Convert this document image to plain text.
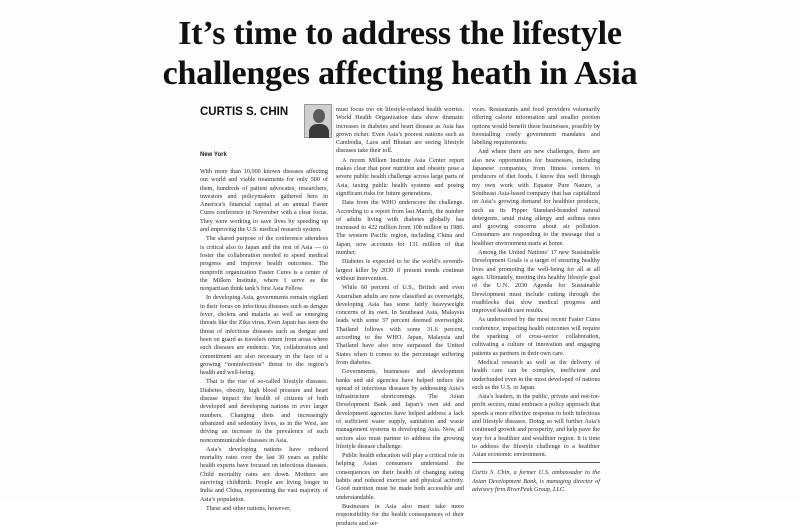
It’s time to address the lifestyle challenges affecting heath in Asia
CURTIS S. CHIN
New York

With more than 10,000 known diseases affecting our world and viable treatments for only 500 of them, hundreds of patient advocates, researchers, investors and policymakers gathered here in America’s financial capital at an annual Faster Cures conference in November with a clear focus. They were working to save lives by speeding up and improving the U.S. medical research system.

The shared purpose of the conference attendees is critical also to Japan and the rest of Asia — to foster the collaboration needed to speed medical progress and improve health outcomes. The nonprofit organization Faster Cures is a center of the Milken Institute, where I serve as the nonpartisan think tank’s first Asia Fellow.

In developing Asia, governments remain vigilant in their focus on infectious diseases such as dengue fever, cholera and malaria as well as emerging threats like the Zika virus. Even Japan has seen the threat of infectious diseases such as dengue and been on guard as travelers return from areas where such diseases are endemic. Yet, collaboration and commitment are also necessary in the face of a growing “noninfectious” threat to the region’s health and well-being.

That is the rise of so-called lifestyle diseases. Diabetes, obesity, high blood pressure and heart disease impact the health of citizens of both developed and developing nations in ever larger numbers. Changing diets and increasingly urbanized and sedentary lives, as in the West, are driving an increase in the prevalence of such noncommunicable diseases in Asia.

Asia’s developing nations have reduced mortality rates over the last 30 years as public health experts have focused on infectious diseases. Child mortality rates are down. Mothers are surviving childbirth. People are living longer in India and China, representing the vast majority of Asia’s population.

These and other nations, however,

must focus too on lifestyle-related health worries. World Health Organization data show dramatic increases in diabetes and heart disease as Asia has grown richer. Even Asia’s poorest nations such as Cambodia, Laos and Bhutan are seeing lifestyle diseases take their toll.

A recent Milken Institute Asia Center report makes clear that poor nutrition and obesity pose a severe public health challenge across large parts of Asia, taxing public health systems and posing significant risks for future generations.

Data from the WHO underscore the challenge. According to a report from last March, the number of adults living with diabetes globally has increased to 422 million from 108 million in 1980. The western Pacific region, including China and Japan, now accounts for 131 million of that number.

Diabetes is expected to be the world’s seventh-largest killer by 2030 if present trends continue without intervention.

While 60 percent of U.S., British and even Australian adults are now classified as overweight, developing Asia has some fairly heavyweight concerns of its own. In Southeast Asia, Malaysia leads with some 37 percent deemed overweight. Thailand follows with some 31.6 percent, according to the WHO. Japan, Malaysia and Thailand have also now surpassed the United States when it comes to the percentage suffering from diabetes.

Governments, businesses and development banks and aid agencies have helped reduce the spread of infectious diseases by addressing Asia’s infrastructure shortcomings. The Asian Development Bank and Japan’s own aid and development agencies have helped address a lack of sufficient water supply, sanitation and waste management systems in developing Asia. Now, all sectors also must partner to address the growing lifestyle disease challenge.

Public health education will play a critical role in helping Asian consumers understand the consequences on their health of changing eating habits and reduced exercise and physical activity. Good nutrition must be made both accessible and understandable.

Businesses in Asia also must take more responsibility for the health consequences of their products and ser-

vices. Restaurants and food providers voluntarily offering calorie information and smaller portion options would benefit these businesses, possibly by forestalling costly government mandates and labeling requirements.

And where there are new challenges, there are also new opportunities for businesses, including Japanese companies, from fitness centers to producers of diet foods. I know this well through my own work with Equator Pure Nature, a Southeast Asia-based company that has capitalized on Asia’s growing demand for healthier products, such as its Pipper Standard-branded natural detergents, amid rising allergy and asthma rates and growing concerns about air pollution. Consumers are responding to the message that a healthier environment starts at home.

Among the United Nations’ 17 new Sustainable Development Goals is a target of ensuring healthy lives and promoting the well-being for all at all ages. Ultimately, meeting this healthy lifestyle goal of the U.N. 2030 Agenda for Sustainable Development must include cutting through the roadblocks that slow medical progress and improved health care results.

As underscored by the most recent Faster Cures conference, impacting health outcomes will require the sparking of cross-sector collaboration, cultivating a culture of innovation and engaging patients as partners in their own care.

Medical research as well as the delivery of health care can be complex, inefficient and underfunded even in the most developed of nations such as the U.S. or Japan.

Asia’s leaders, in the public, private and not-for-profit sectors, must embrace a policy approach that speeds a more effective response to both infectious and lifestyle diseases. Doing so will further Asia’s continued growth and prosperity, and help pave the way for a healthier and wealthier region. It is time to address the lifestyle challenge to a healthier Asian economic environment.

Curtis S. Chin, a former U.S. ambassador to the Asian Development Bank, is managing director of advisory firm RiverPeak Group, LLC.
